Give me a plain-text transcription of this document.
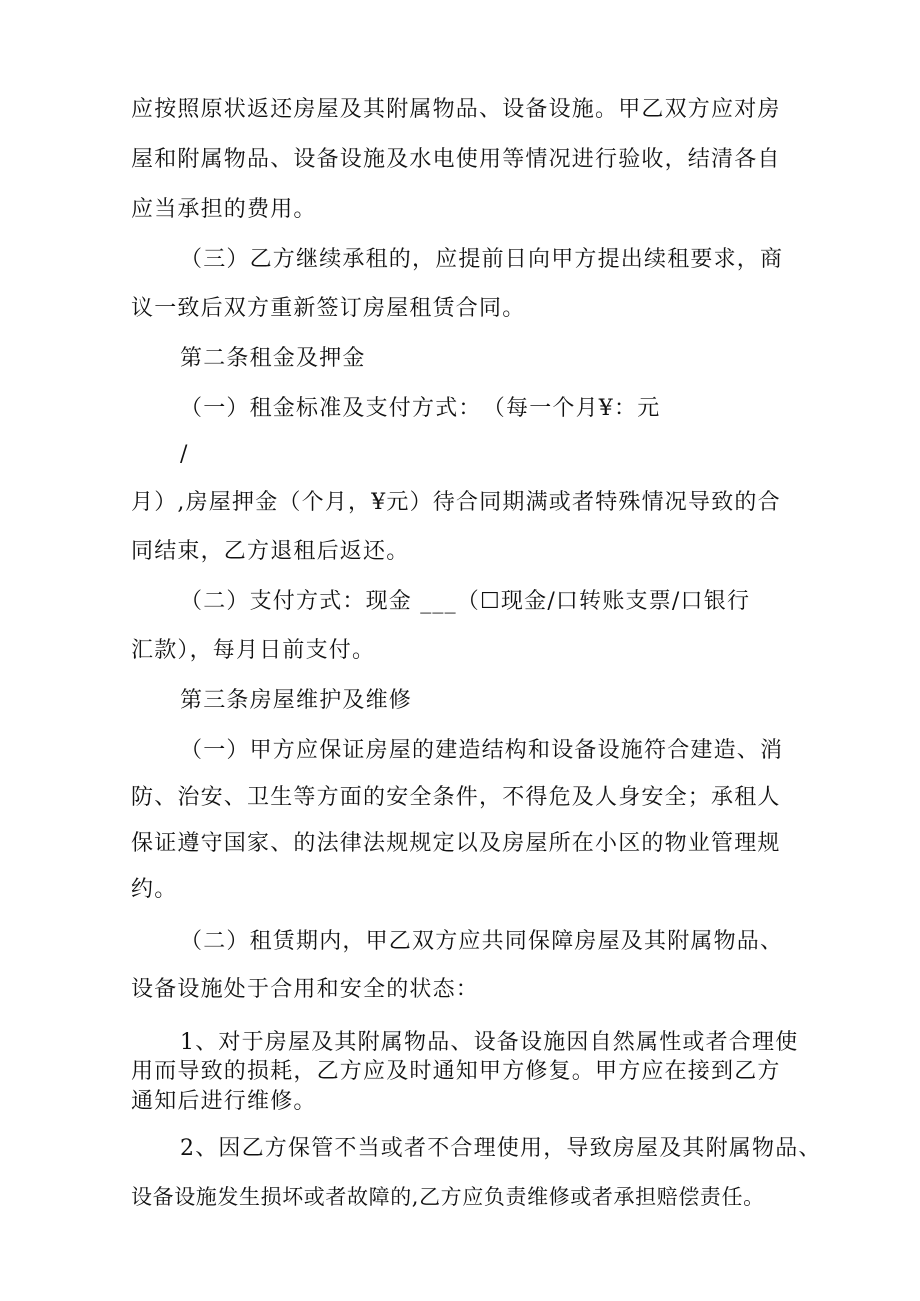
应按照原状返还房屋及其附属物品、设备设施。甲乙双方应对房
屋和附属物品、设备设施及水电使用等情况进行验收，结清各自
应当承担的费用。
（三）乙方继续承租的，应提前日向甲方提出续租要求，商
议一致后双方重新签订房屋租赁合同。
第二条租金及押金
（一）租金标准及支付方式：　（每一个月¥：元
/
月）,房屋押金（个月，¥元）待合同期满或者特殊情况导致的合
同结束，乙方退租后返还。
（二）支付方式：现金 ___（☐现金/口转账支票/口银行
汇款），每月日前支付。
第三条房屋维护及维修
（一）甲方应保证房屋的建造结构和设备设施符合建造、消
防、治安、卫生等方面的安全条件，不得危及人身安全；承租人
保证遵守国家、的法律法规规定以及房屋所在小区的物业管理规
约。
（二）租赁期内，甲乙双方应共同保障房屋及其附属物品、
设备设施处于合用和安全的状态：
1、对于房屋及其附属物品、设备设施因自然属性或者合理使
用而导致的损耗，乙方应及时通知甲方修复。甲方应在接到乙方
通知后进行维修。
2、因乙方保管不当或者不合理使用，导致房屋及其附属物品、
设备设施发生损坏或者故障的,乙方应负责维修或者承担赔偿责任。
